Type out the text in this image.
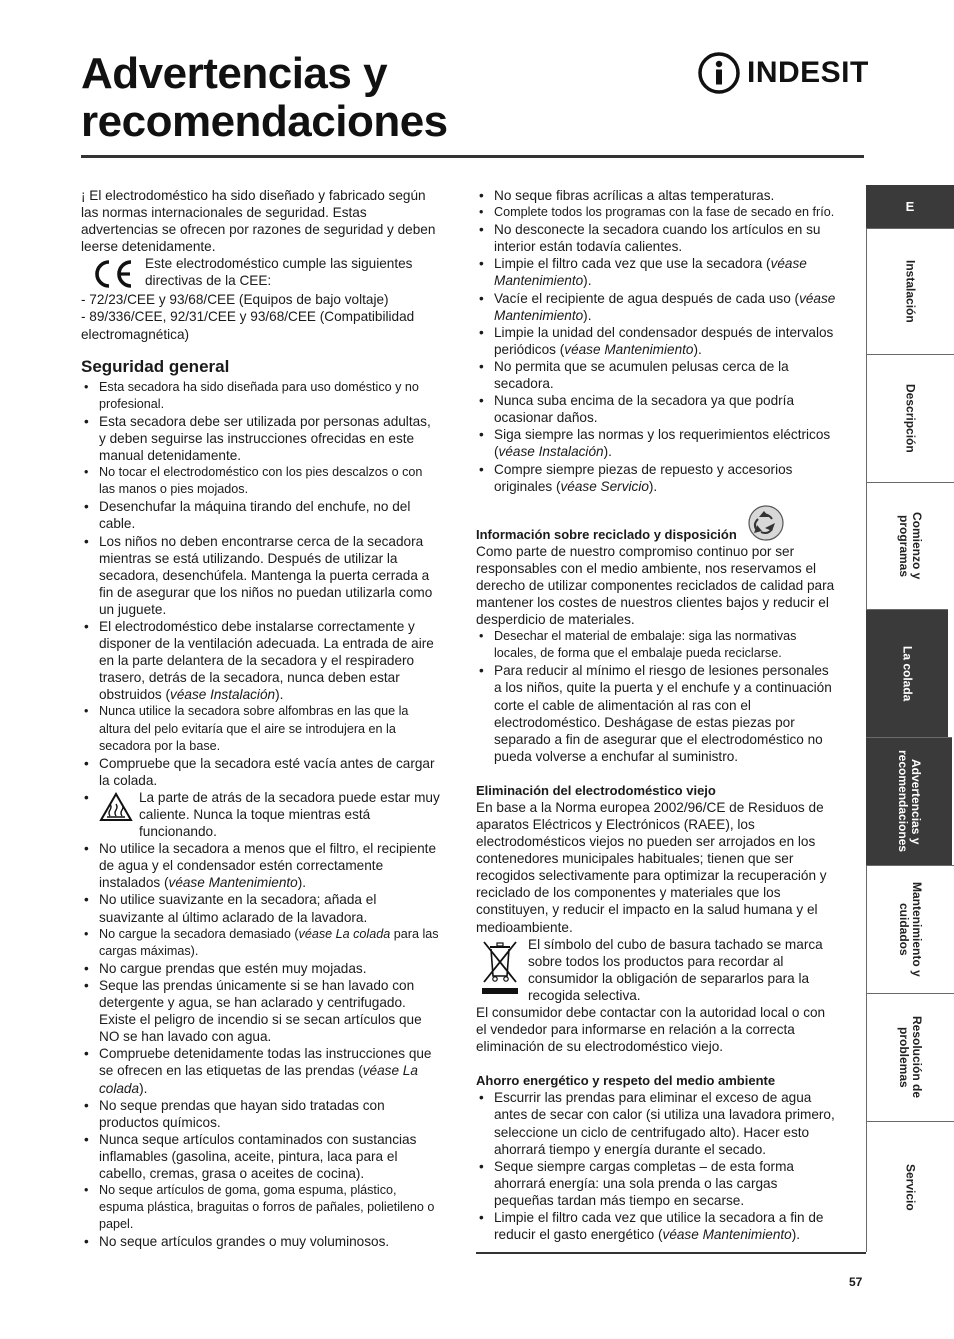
Advertencias y
recomendaciones
INDESIT

¡ El electrodoméstico ha sido diseñado y fabricado según las normas internacionales de seguridad. Estas advertencias se ofrecen por razones de seguridad y deben leerse detenidamente.

Este electrodoméstico cumple las siguientes directivas de la CEE:

- 72/23/CEE y 93/68/CEE (Equipos de bajo voltaje)

- 89/336/CEE, 92/31/CEE y 93/68/CEE (Compatibilidad electromagnética)

Seguridad general
• Esta secadora ha sido diseñada para uso doméstico y no profesional.
• Esta secadora debe ser utilizada por personas adultas, y deben seguirse las instrucciones ofrecidas en este manual detenidamente.
• No tocar el electrodoméstico con los pies descalzos o con las manos o pies mojados.
• Desenchufar la máquina tirando del enchufe, no del cable.
• Los niños no deben encontrarse cerca de la secadora mientras se está utilizando. Después de utilizar la secadora, desenchúfela. Mantenga la puerta cerrada a fin de asegurar que los niños no puedan utilizarla como un juguete.
• El electrodoméstico debe instalarse correctamente y disponer de la ventilación adecuada. La entrada de aire en la parte delantera de la secadora y el respiradero trasero, detrás de la secadora, nunca deben estar obstruidos (véase Instalación).
• Nunca utilice la secadora sobre alfombras en las que la altura del pelo evitaría que el aire se introdujera en la secadora por la base.
• Compruebe que la secadora esté vacía antes de cargar la colada.
• La parte de atrás de la secadora puede estar muy caliente. Nunca la toque mientras está funcionando.
• No utilice la secadora a menos que el filtro, el recipiente de agua y el condensador estén correctamente instalados (véase Mantenimiento).
• No utilice suavizante en la secadora; añada el suavizante al último aclarado de la lavadora.
• No cargue la secadora demasiado (véase La colada para las cargas máximas).
• No cargue prendas que estén muy mojadas.
• Seque las prendas únicamente si se han lavado con detergente y agua, se han aclarado y centrifugado. Existe el peligro de incendio si se secan artículos que NO se han lavado con agua.
• Compruebe detenidamente todas las instrucciones que se ofrecen en las etiquetas de las prendas (véase La colada).
• No seque prendas que hayan sido tratadas con productos químicos.
• Nunca seque artículos contaminados con sustancias inflamables (gasolina, aceite, pintura, laca para el cabello, cremas, grasa o aceites de cocina).
• No seque artículos de goma, goma espuma, plástico, espuma plástica, braguitas o forros de pañales, polietileno o papel.
• No seque artículos grandes o muy voluminosos.
• No seque fibras acrílicas a altas temperaturas.
• Complete todos los programas con la fase de secado en frío.
• No desconecte la secadora cuando los artículos en su interior están todavía calientes.
• Limpie el filtro cada vez que use la secadora (véase Mantenimiento).
• Vacíe el recipiente de agua después de cada uso (véase Mantenimiento).
• Limpie la unidad del condensador después de intervalos periódicos (véase Mantenimiento).
• No permita que se acumulen pelusas cerca de la secadora.
• Nunca suba encima de la secadora ya que podría ocasionar daños.
• Siga siempre las normas y los requerimientos eléctricos (véase Instalación).
• Compre siempre piezas de repuesto y accesorios originales (véase Servicio).
Información sobre reciclado y disposición

Como parte de nuestro compromiso continuo por ser responsables con el medio ambiente, nos reservamos el derecho de utilizar componentes reciclados de calidad para mantener los costes de nuestros clientes bajos y reducir el desperdicio de materiales.

• Desechar el material de embalaje: siga las normativas locales, de forma que el embalaje pueda reciclarse.
• Para reducir al mínimo el riesgo de lesiones personales a los niños, quite la puerta y el enchufe y a continuación corte el cable de alimentación al ras con el electrodoméstico. Deshágase de estas piezas por separado a fin de asegurar que el electrodoméstico no pueda volverse a enchufar al suministro.
Eliminación del electrodoméstico viejo

En base a la Norma europea 2002/96/CE de Residuos de aparatos Eléctricos y Electrónicos (RAEE), los electrodomésticos viejos no pueden ser arrojados en los contenedores municipales habituales; tienen que ser recogidos selectivamente para optimizar la recuperación y reciclado de los componentes y materiales que los constituyen, y reducir el impacto en la salud humana y el medioambiente.

El símbolo del cubo de basura tachado se marca sobre todos los productos para recordar al consumidor la obligación de separarlos para la recogida selectiva.

El consumidor debe contactar con la autoridad local o con el vendedor para informarse en relación a la correcta eliminación de su electrodoméstico viejo.

Ahorro energético y respeto del medio ambiente
• Escurrir las prendas para eliminar el exceso de agua antes de secar con calor (si utiliza una lavadora primero, seleccione un ciclo de centrifugado alto). Hacer esto ahorrará tiempo y energía durante el secado.
• Seque siempre cargas completas – de esta forma ahorrará energía: una sola prenda o las cargas pequeñas tardan más tiempo en secarse.
• Limpie el filtro cada vez que utilice la secadora a fin de reducir el gasto energético (véase Mantenimiento).
57
E
Instalación
Descripción
Comienzo y programas
La colada
Advertencias y recomendaciones
Mantenimiento y cuidados
Resolución de problemas
Servicio
